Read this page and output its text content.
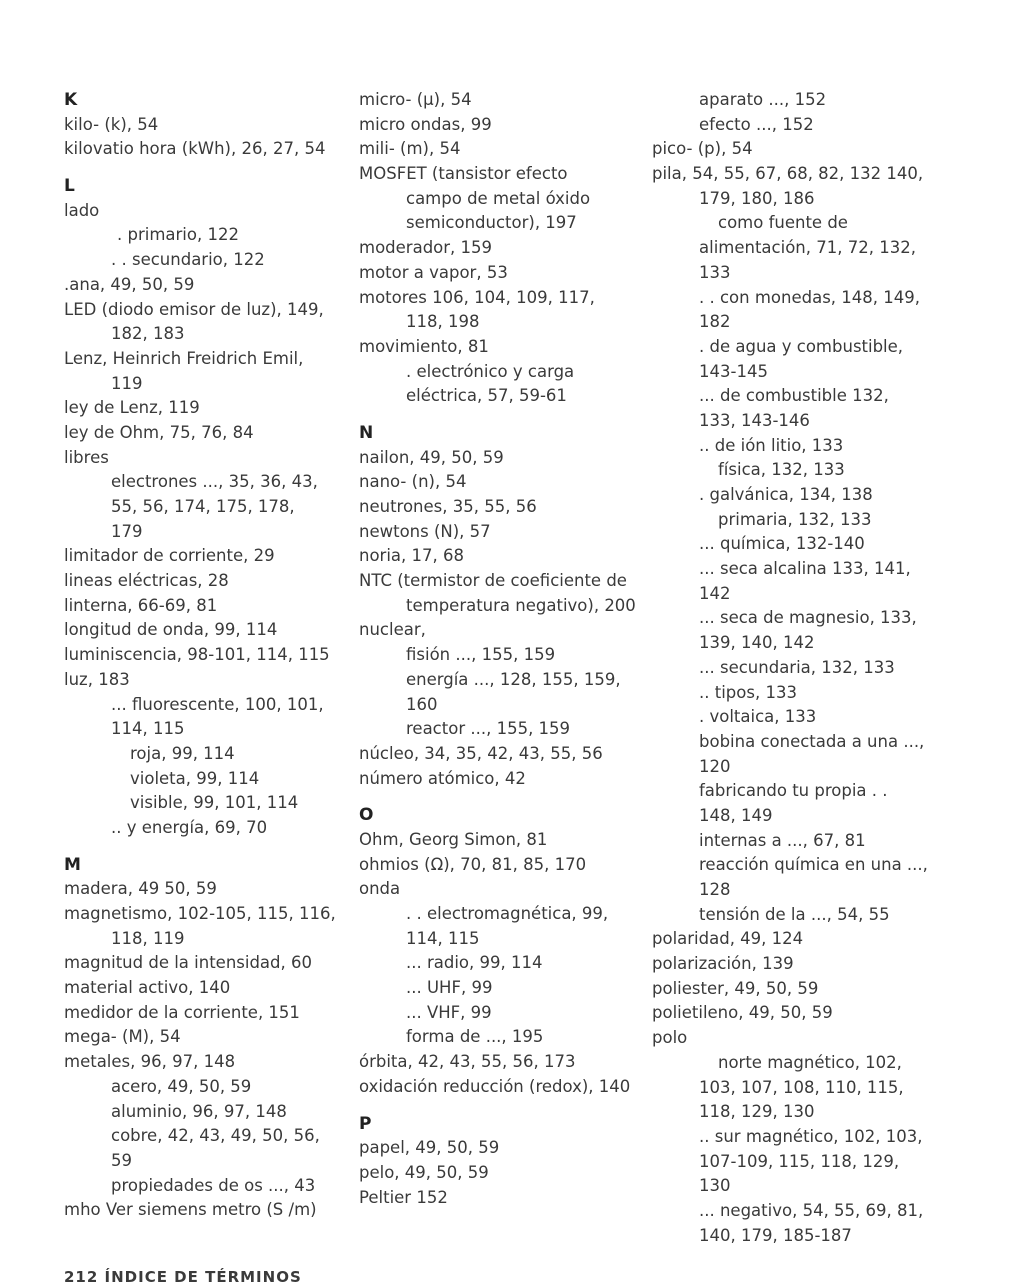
K
kilo- (k), 54
kilovatio hora (kWh), 26, 27, 54
L
lado
. primario, 122
. . secundario, 122
.ana, 49, 50, 59
LED (diodo emisor de luz), 149,
182, 183
Lenz, Heinrich Freidrich Emil,
119
ley de Lenz, 119
ley de Ohm, 75, 76, 84
libres
electrones ..., 35, 36, 43,
55, 56, 174, 175, 178,
179
limitador de corriente, 29
lineas eléctricas, 28
linterna, 66-69, 81
longitud de onda, 99, 114
luminiscencia, 98-101, 114, 115
luz, 183
... fluorescente, 100, 101,
114, 115
roja, 99, 114
violeta, 99, 114
visible, 99, 101, 114
.. y energía, 69, 70
M
madera, 49 50, 59
magnetismo, 102-105, 115, 116,
118, 119
magnitud de la intensidad, 60
material activo, 140
medidor de la corriente, 151
mega- (M), 54
metales, 96, 97, 148
acero, 49, 50, 59
aluminio, 96, 97, 148
cobre, 42, 43, 49, 50, 56,
59
propiedades de os ..., 43
mho Ver siemens metro (S /m)
micro- (µ), 54
micro ondas, 99
mili- (m), 54
MOSFET (tansistor efecto
campo de metal óxido
semiconductor), 197
moderador, 159
motor a vapor, 53
motores 106, 104, 109, 117,
118, 198
movimiento, 81
. electrónico y carga
eléctrica, 57, 59-61
N
nailon, 49, 50, 59
nano- (n), 54
neutrones, 35, 55, 56
newtons (N), 57
noria, 17, 68
NTC (termistor de coeficiente de
temperatura negativo), 200
nuclear,
fisión ..., 155, 159
energía ..., 128, 155, 159,
160
reactor ..., 155, 159
núcleo, 34, 35, 42, 43, 55, 56
número atómico, 42
O
Ohm, Georg Simon, 81
ohmios (Ω), 70, 81, 85, 170
onda
. . electromagnética, 99,
114, 115
... radio, 99, 114
... UHF, 99
... VHF, 99
forma de ..., 195
órbita, 42, 43, 55, 56, 173
oxidación reducción (redox), 140
P
papel, 49, 50, 59
pelo, 49, 50, 59
Peltier 152
aparato ..., 152
efecto ..., 152
pico- (p), 54
pila, 54, 55, 67, 68, 82, 132 140,
179, 180, 186
como fuente de
alimentación, 71, 72, 132,
133
. . con monedas, 148, 149,
182
. de agua y combustible,
143-145
... de combustible 132,
133, 143-146
.. de ión litio, 133
física, 132, 133
. galvánica, 134, 138
primaria, 132, 133
... química, 132-140
... seca alcalina 133, 141,
142
... seca de magnesio, 133,
139, 140, 142
... secundaria, 132, 133
.. tipos, 133
. voltaica, 133
bobina conectada a una ...,
120
fabricando tu propia . .
148, 149
internas a ..., 67, 81
reacción química en una ...,
128
tensión de la ..., 54, 55
polaridad, 49, 124
polarización, 139
poliester, 49, 50, 59
polietileno, 49, 50, 59
polo
norte magnético, 102,
103, 107, 108, 110, 115,
118, 129, 130
.. sur magnético, 102, 103,
107-109, 115, 118, 129,
130
... negativo, 54, 55, 69, 81,
140, 179, 185-187
212 ÍNDICE DE TÉRMINOS
